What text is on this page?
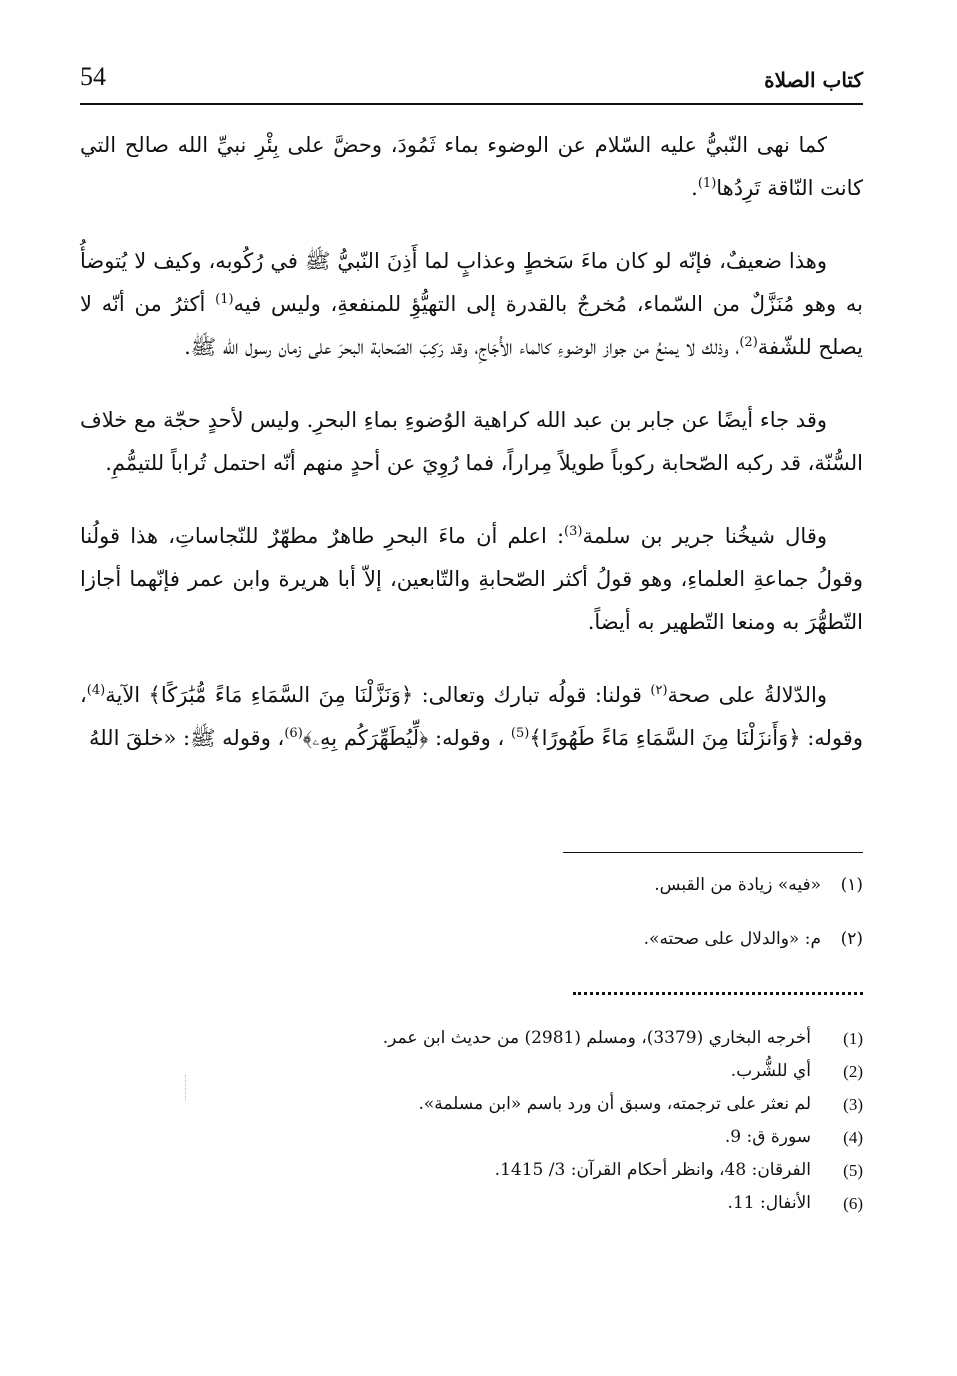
54	كتاب الصلاة

كما نهى النّبيُّ عليه السّلام عن الوضوء بماء ثَمُودَ، وحضَّ على بِئْرِ نبيِّ الله صالح التي كانت النّاقة تَرِدُها$^{(1)}$.

وهذا ضعيفٌ، فإنّه لو كان ماءَ سَخطٍ وعذابٍ لما أَذِنَ النّبيُّ ﷺ في رُكُوبه، وكيف لا يُتوضأُ به وهو مُنَزَّلٌ من السّماء، مُخرجٌ بالقدرة إلى التهيُّؤِ للمنفعةِ، وليس فيه$^{(1)}$ أكثرُ من أنّه لا يصلح للشّفة$^{(2)}$، وذلك لا يمنعُ من جواز الوضوءِ كالماء الأُجَاجِ، وقد رَكِبَ الصّحابة البحرَ على زمان رسول الله ﷺ.

وقد جاء أيضًا عن جابر بن عبد الله كراهية الوُضوءِ بماءِ البحرِ. وليس لأحدٍ حجّة مع خلاف السُّنّة، قد ركبه الصّحابة ركوباً طويلاً مِراراً، فما رُوِيَ عن أحدٍ منهم أنّه احتمل تُراباً للتيمُّمِ.

وقال شيخُنا جرير بن سلمة$^{(3)}$: اعلم أن ماءَ البحرِ طاهرٌ مطهّرٌ للنّجاساتِ، هذا قولُنا وقولُ جماعةِ العلماءِ، وهو قولُ أكثر الصّحابةِ والتّابعين، إلاّ أبا هريرة وابن عمر فإنّهما أجازا التّطهُّرَ به ومنعا التّطهير به أيضاً.

والدّلالةُ على صحة$^{(٢)}$ قولنا: قولُه تبارك وتعالى: ﴿وَنَزَّلْنَا مِنَ السَّمَاءِ مَاءً مُّبَٰرَكًا﴾ الآية$^{(4)}$، وقوله: ﴿وَأَنزَلْنَا مِنَ السَّمَاءِ مَاءً طَهُورًا﴾$^{(5)}$ ، وقوله: ﴿لِّيُطَهِّرَكُم بِهِۦ﴾$^{(6)}$، وقوله ﷺ: «خلقَ اللهُ

(١)
«فيه» زيادة من القبس.
(٢)
م: «والدلال على صحته».
(1)
أخرجه البخاري (3379)، ومسلم (2981) من حديث ابن عمر.
(2)
أي للشُّرب.
(3)
لم نعثر على ترجمته، وسبق أن ورد باسم «ابن مسلمة».
(4)
سورة ق: 9.
(5)
الفرقان: 48، وانظر أحكام القرآن: 3/ 1415.
(6)
الأنفال: 11.
